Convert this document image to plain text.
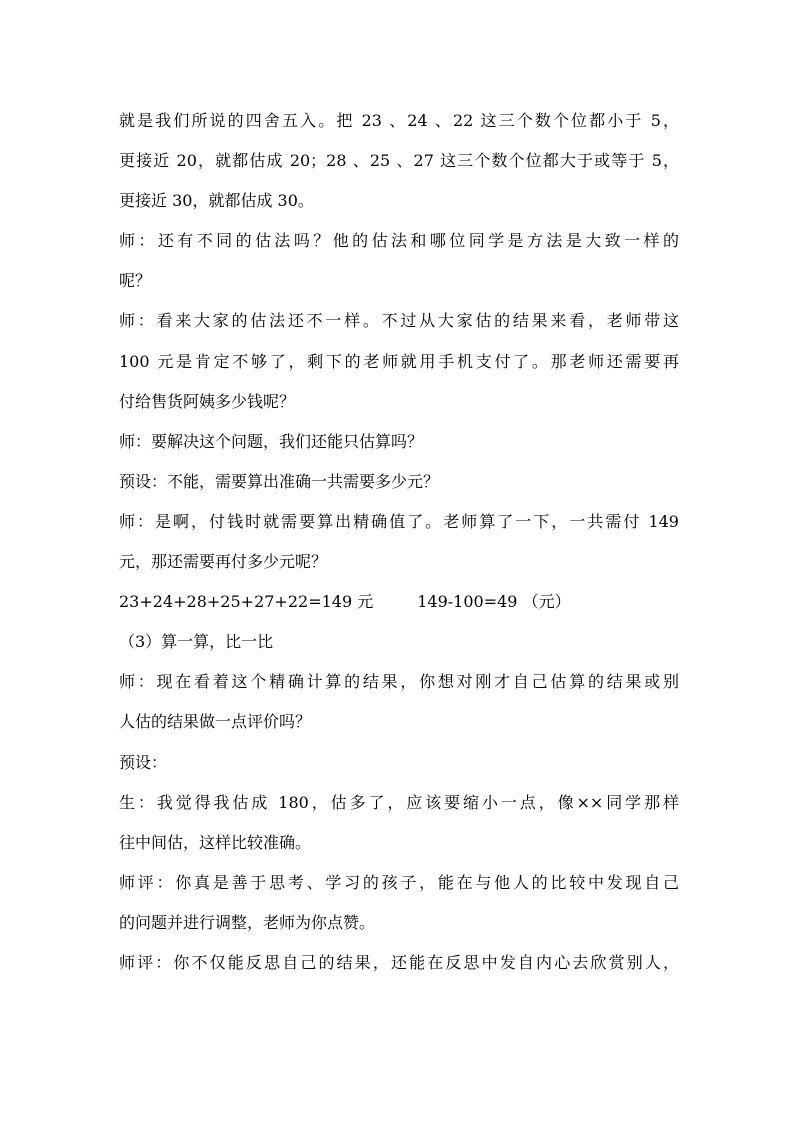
就是我们所说的四舍五入。把 23 、24 、22 这三个数个位都小于 5，
更接近 20，就都估成 20；28 、25 、27 这三个数个位都大于或等于 5，
更接近 30，就都估成 30。
师：还有不同的估法吗？他的估法和哪位同学是方法是大致一样的
呢？
师：看来大家的估法还不一样。不过从大家估的结果来看，老师带这
100 元是肯定不够了，剩下的老师就用手机支付了。那老师还需要再
付给售货阿姨多少钱呢？
师：要解决这个问题，我们还能只估算吗？
预设：不能，需要算出准确一共需要多少元？
师：是啊，付钱时就需要算出精确值了。老师算了一下，一共需付 149
元，那还需要再付多少元呢？
23+24+28+25+27+22=149 元	149-100=49 （元）
（3）算一算，比一比
师：现在看着这个精确计算的结果，你想对刚才自己估算的结果或别
人估的结果做一点评价吗？
预设：
生：我觉得我估成 180，估多了，应该要缩小一点，像××同学那样
往中间估，这样比较准确。
师评：你真是善于思考、学习的孩子，能在与他人的比较中发现自己
的问题并进行调整，老师为你点赞。
师评：你不仅能反思自己的结果，还能在反思中发自内心去欣赏别人，
